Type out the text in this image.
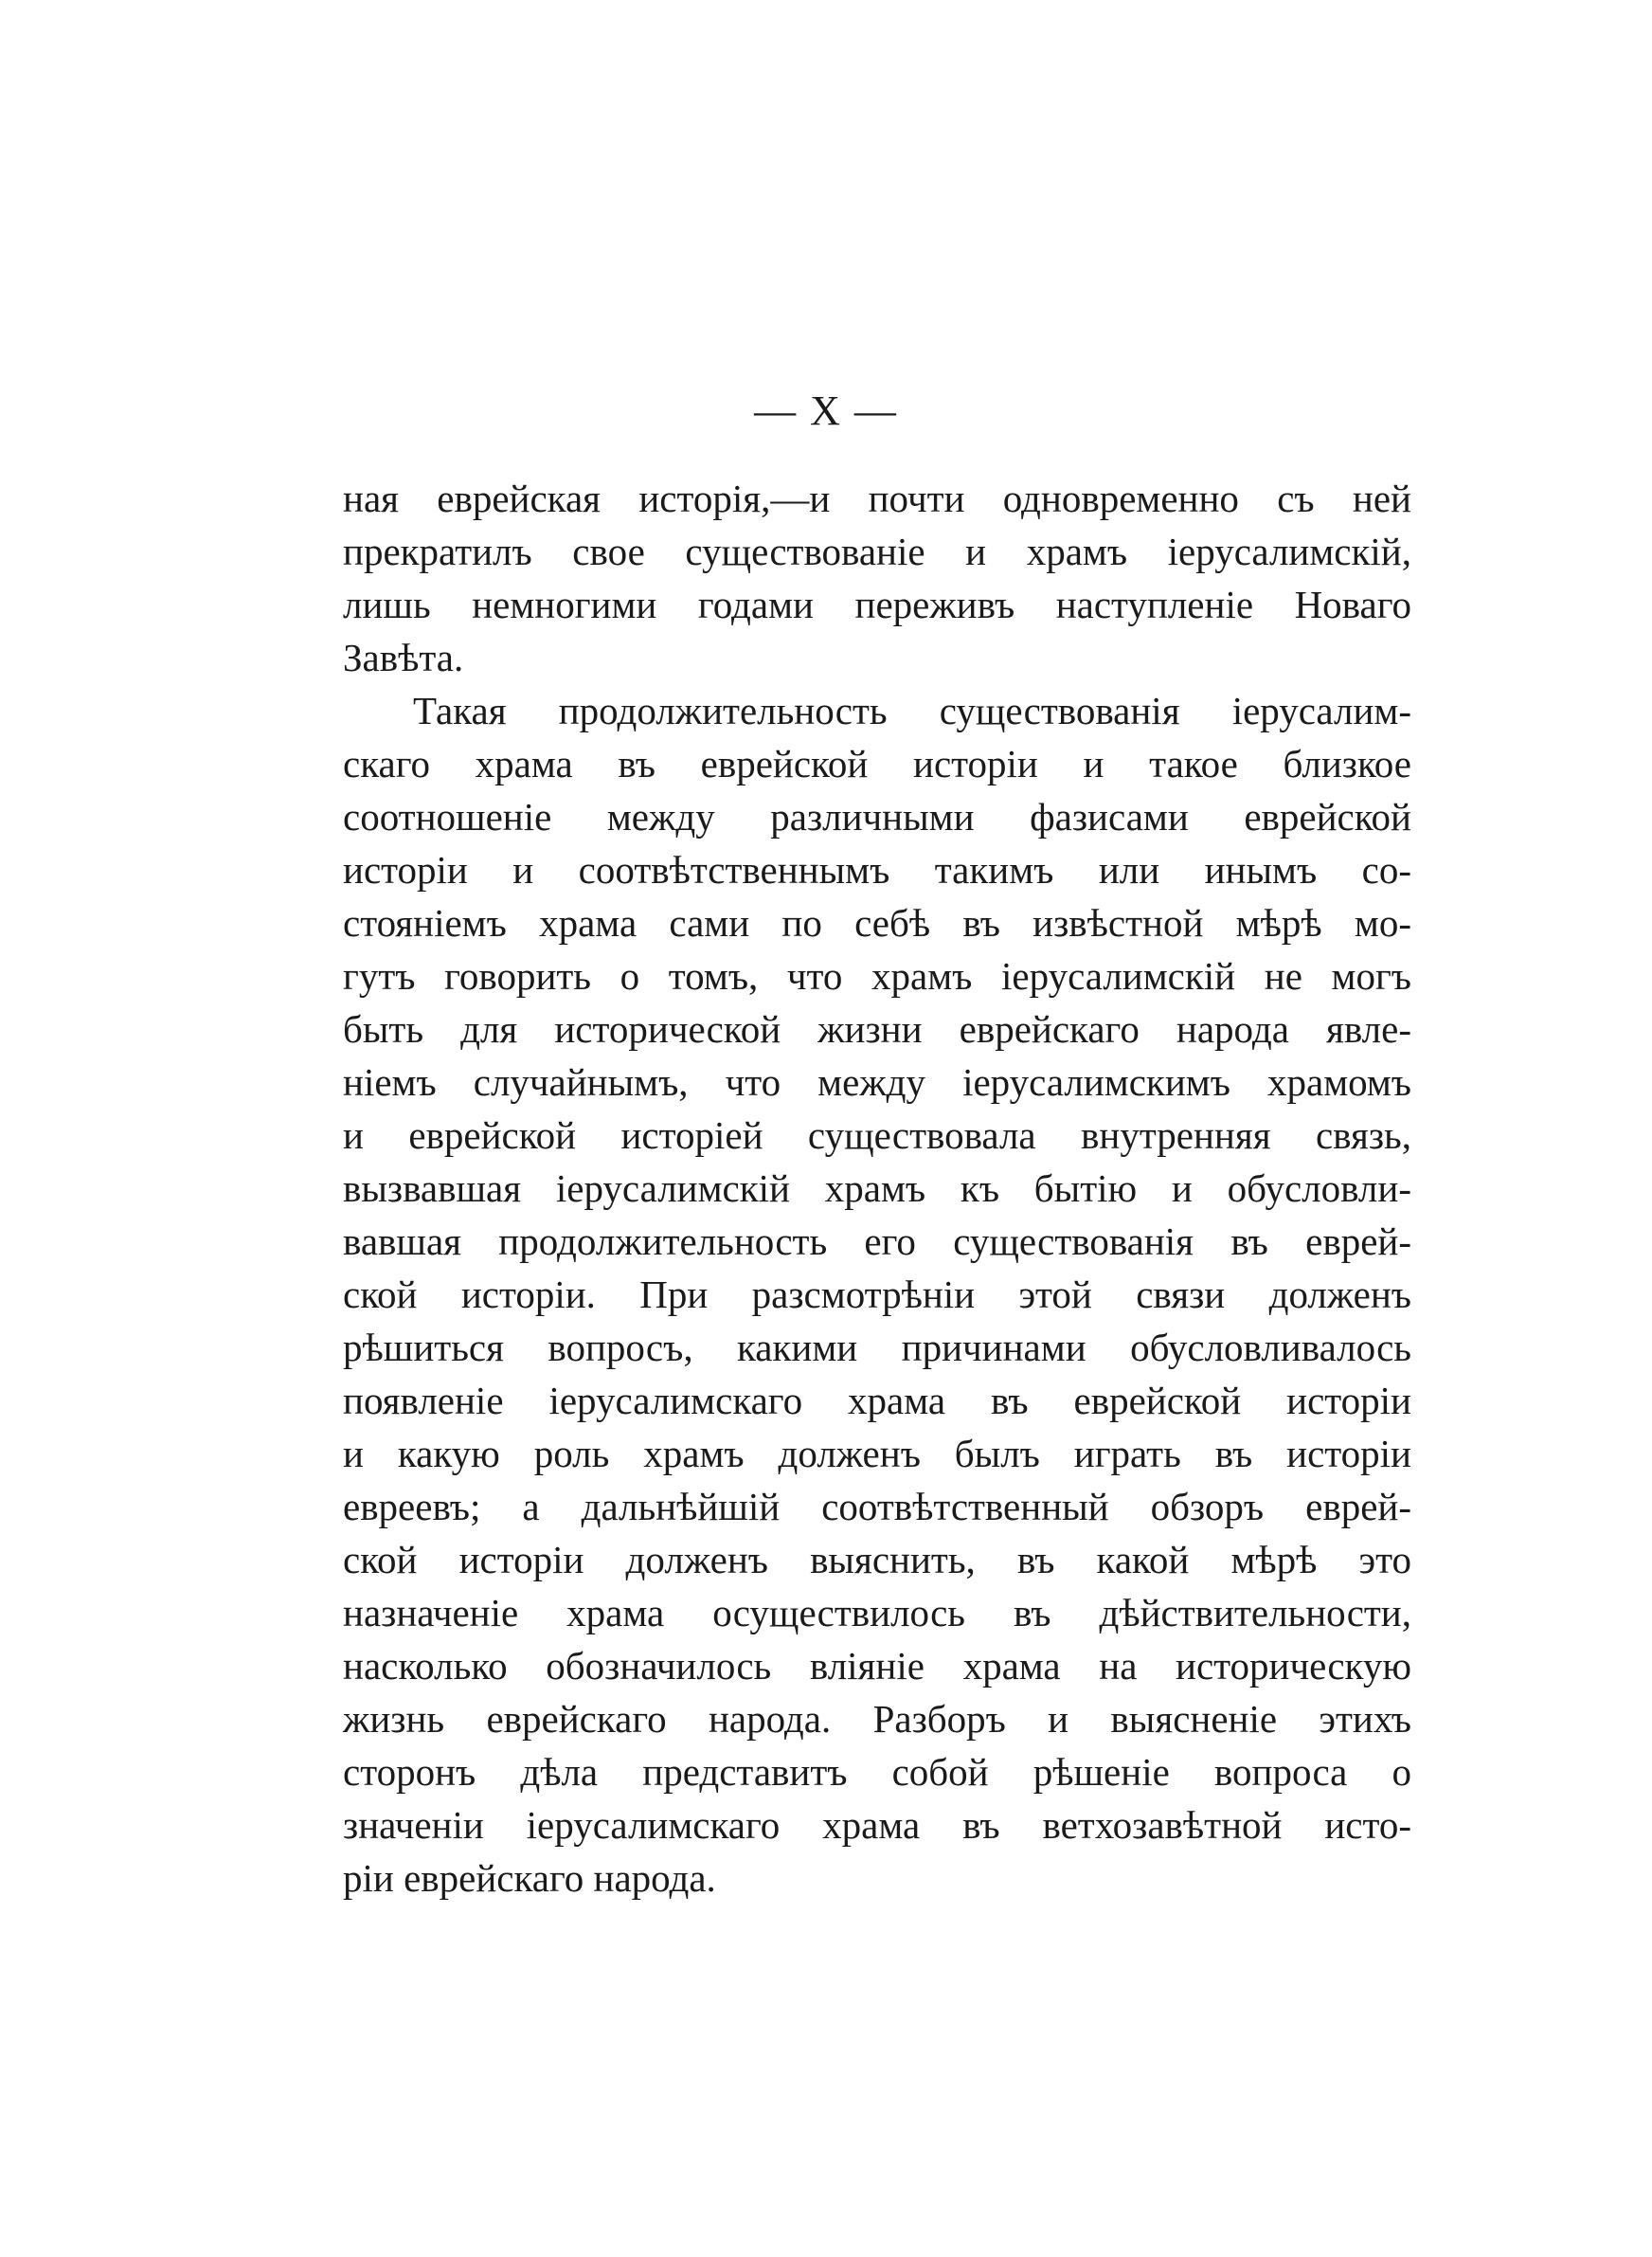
— X —
ная еврейская исторія,—и почти одновременно съ ней
прекратилъ свое существованіе и храмъ іерусалимскій,
лишь немногими годами переживъ наступленіе Новаго
Завѣта.
Такая продолжительность существованія іерусалим-
скаго храма въ еврейской исторіи и такое близкое
соотношеніе между различными фазисами еврейской
исторіи и соотвѣтственнымъ такимъ или инымъ со-
стояніемъ храма сами по себѣ въ извѣстной мѣрѣ мо-
гутъ говорить о томъ, что храмъ іерусалимскій не могъ
быть для исторической жизни еврейскаго народа явле-
ніемъ случайнымъ, что между іерусалимскимъ храмомъ
и еврейской исторіей существовала внутренняя связь,
вызвавшая іерусалимскій храмъ къ бытію и обусловли-
вавшая продолжительность его существованія въ еврей-
ской исторіи. При разсмотрѣніи этой связи долженъ
рѣшиться вопросъ, какими причинами обусловливалось
появленіе іерусалимскаго храма въ еврейской исторіи
и какую роль храмъ долженъ былъ играть въ исторіи
евреевъ; а дальнѣйшій соотвѣтственный обзоръ еврей-
ской исторіи долженъ выяснить, въ какой мѣрѣ это
назначеніе храма осуществилось въ дѣйствительности,
насколько обозначилось вліяніе храма на историческую
жизнь еврейскаго народа. Разборъ и выясненіе этихъ
сторонъ дѣла представитъ собой рѣшеніе вопроса о
значеніи іерусалимскаго храма въ ветхозавѣтной исто-
ріи еврейскаго народа.
